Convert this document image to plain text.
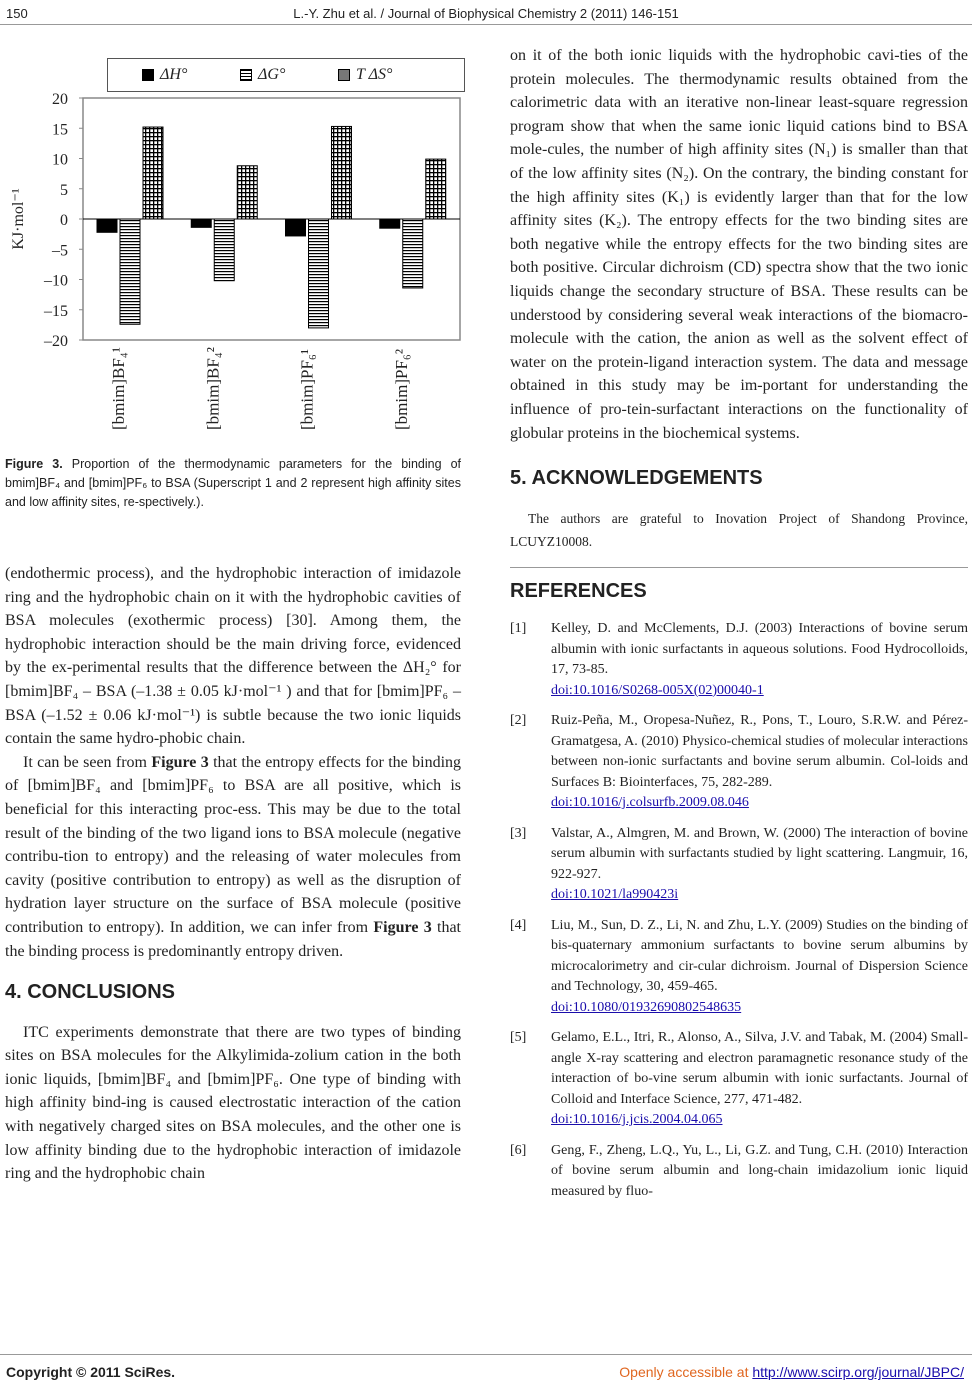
150	L.-Y. Zhu et al. / Journal of Biophysical Chemistry 2 (2011) 146-151
20
15
10
5
0
–5
–10
–15
–20
KJ·mol⁻¹
[bmim]BF₄¹	[bmim]BF₄²	[bmim]PF₆¹	[bmim]PF₆²
ΔH°	ΔG°	T ΔS°
Figure 3. Proportion of the thermodynamic parameters for the binding of bmim]BF₄ and [bmim]PF₆ to BSA (Superscript 1 and 2 represent high affinity sites and low affinity sites, re-spectively.).

(endothermic process), and the hydrophobic interaction of imidazole ring and the hydrophobic chain on it with the hydrophobic cavities of BSA molecules (exothermic process) [30]. Among them, the hydrophobic interaction should be the main driving force, evidenced by the ex-perimental results that the difference between the ΔH₂° for [bmim]BF₄ – BSA (–1.38 ± 0.05 kJ·mol⁻¹ ) and that for [bmim]PF₆ – BSA (–1.52 ± 0.06 kJ·mol⁻¹) is subtle because the two ionic liquids contain the same hydro-phobic chain.

It can be seen from Figure 3 that the entropy effects for the binding of [bmim]BF₄ and [bmim]PF₆ to BSA are all positive, which is beneficial for this interacting proc-ess. This may be due to the total result of the binding of the two ligand ions to BSA molecule (negative contribu-tion to entropy) and the releasing of water molecules from cavity (positive contribution to entropy) as well as the disruption of hydration layer structure on the surface of BSA molecule (positive contribution to entropy). In addition, we can infer from Figure 3 that the binding process is predominantly entropy driven.

4. CONCLUSIONS

ITC experiments demonstrate that there are two types of binding sites on BSA molecules for the Alkylimida-zolium cation in the both ionic liquids, [bmim]BF₄ and [bmim]PF₆. One type of binding with high affinity bind-ing is caused electrostatic interaction of the cation with negatively charged sites on BSA molecules, and the other one is low affinity binding due to the hydrophobic interaction of imidazole ring and the hydrophobic chain

on it of the both ionic liquids with the hydrophobic cavi-ties of the protein molecules. The thermodynamic results obtained from the calorimetric data with an iterative non-linear least-square regression program show that when the same ionic liquid cations bind to BSA mole-cules, the number of high affinity sites (N₁) is smaller than that of the low affinity sites (N₂). On the contrary, the binding constant for the high affinity sites (K₁) is evidently larger than that for the low affinity sites (K₂). The entropy effects for the two binding sites are both negative while the entropy effects for the two binding sites are both positive. Circular dichroism (CD) spectra show that the two ionic liquids change the secondary structure of BSA. These results can be understood by considering several weak interactions of the biomacro-molecule with the cation, the anion as well as the solvent effect of water on the protein-ligand interaction system. The data and message obtained in this study may be im-portant for understanding the influence of pro-tein-surfactant interactions on the functionality of globular proteins in the biochemical systems.

5. ACKNOWLEDGEMENTS

The authors are grateful to Inovation Project of Shandong Province, LCUYZ10008.

REFERENCES
[1] Kelley, D. and McClements, D.J. (2003) Interactions of bovine serum albumin with ionic surfactants in aqueous solutions. Food Hydrocolloids, 17, 73-85.
doi:10.1016/S0268-005X(02)00040-1
[2] Ruiz-Peña, M., Oropesa-Nuñez, R., Pons, T., Louro, S.R.W. and Pérez-Gramatgesa, A. (2010) Physico-chemical studies of molecular interactions between non-ionic surfactants and bovine serum albumin. Col-loids and Surfaces B: Biointerfaces, 75, 282-289.
doi:10.1016/j.colsurfb.2009.08.046
[3] Valstar, A., Almgren, M. and Brown, W. (2000) The interaction of bovine serum albumin with surfactants studied by light scattering. Langmuir, 16, 922-927.
doi:10.1021/la990423i
[4] Liu, M., Sun, D. Z., Li, N. and Zhu, L.Y. (2009) Studies on the binding of bis-quaternary ammonium surfactants to bovine serum albumins by microcalorimetry and cir-cular dichroism. Journal of Dispersion Science and Technology, 30, 459-465.
doi:10.1080/01932690802548635
[5] Gelamo, E.L., Itri, R., Alonso, A., Silva, J.V. and Tabak, M. (2004) Small-angle X-ray scattering and electron paramagnetic resonance study of the interaction of bo-vine serum albumin with ionic surfactants. Journal of Colloid and Interface Science, 277, 471-482.
doi:10.1016/j.jcis.2004.04.065
[6] Geng, F., Zheng, L.Q., Yu, L., Li, G.Z. and Tung, C.H. (2010) Interaction of bovine serum albumin and long-chain imidazolium ionic liquid measured by fluo-
Copyright © 2011 SciRes.	Openly accessible at http://www.scirp.org/journal/JBPC/
